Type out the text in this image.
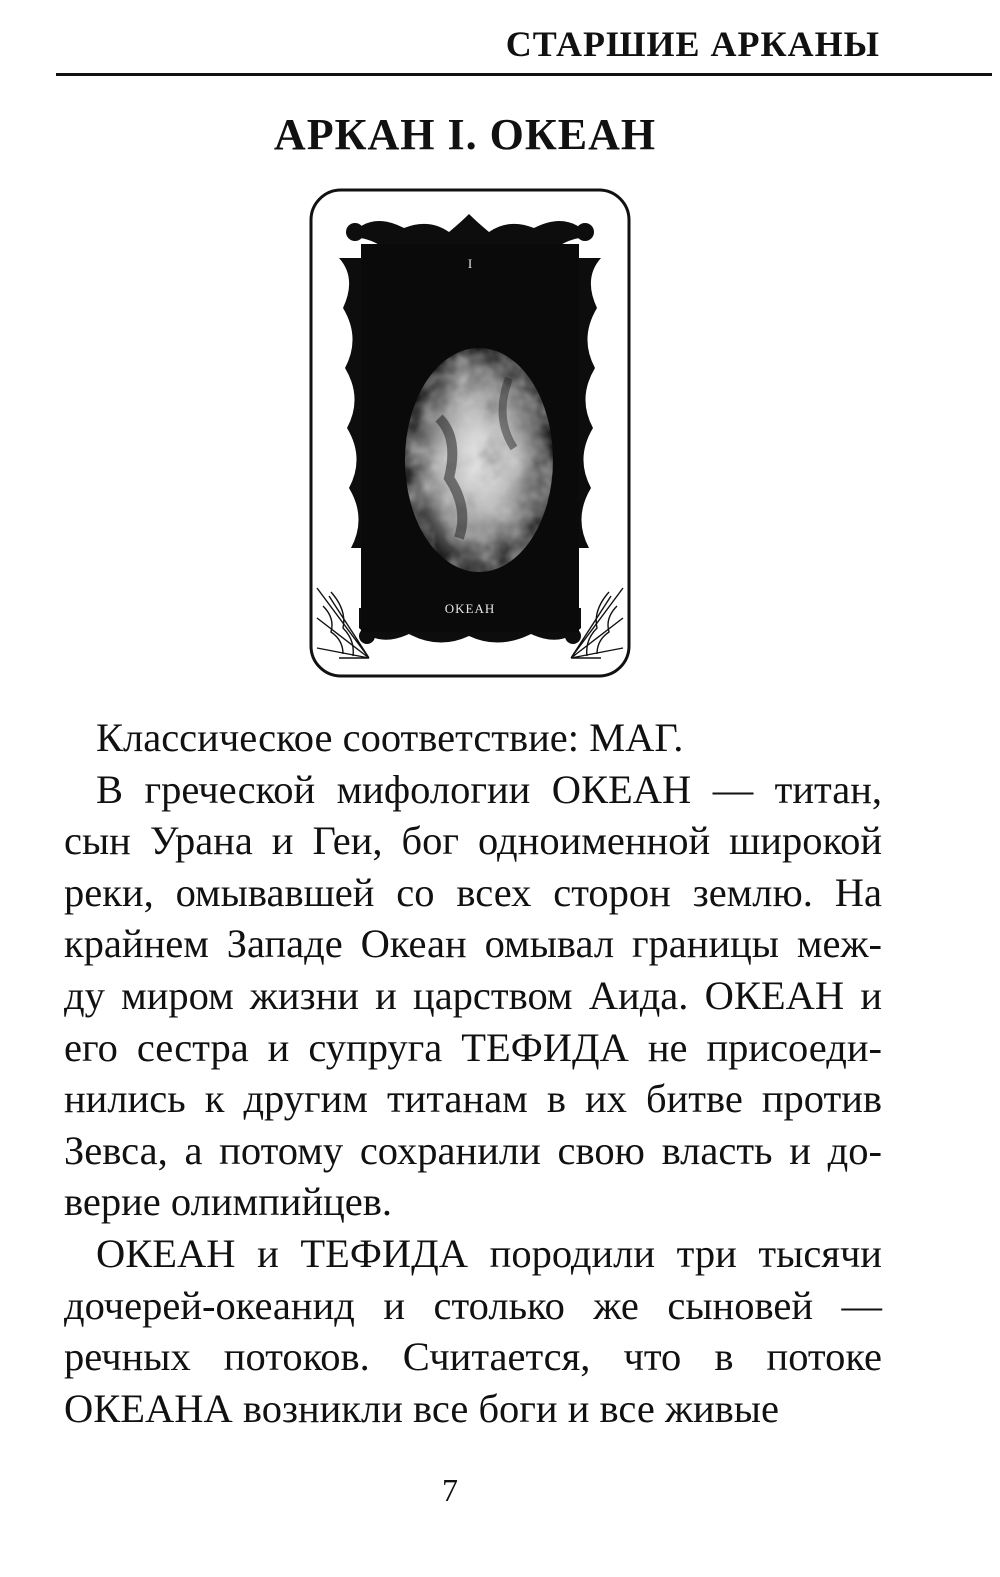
СТАРШИЕ АРКАНЫ
АРКАН I. ОКЕАН
I
OKEAH

Классическое соответствие: МАГ.

В греческой мифологии ОКЕАН — титан, сын Урана и Геи, бог одноименной широкой реки, омывавшей со всех сторон землю. На крайнем Западе Океан омывал границы меж-ду миром жизни и царством Аида. ОКЕАН и его сестра и супруга ТЕФИДА не присоеди-нились к другим титанам в их битве против Зевса, а потому сохранили свою власть и до-верие олимпийцев.

ОКЕАН и ТЕФИДА породили три тысячи дочерей-океанид и столько же сыновей — речных потоков. Считается, что в потоке ОКЕАНА возникли все боги и все живые

7
